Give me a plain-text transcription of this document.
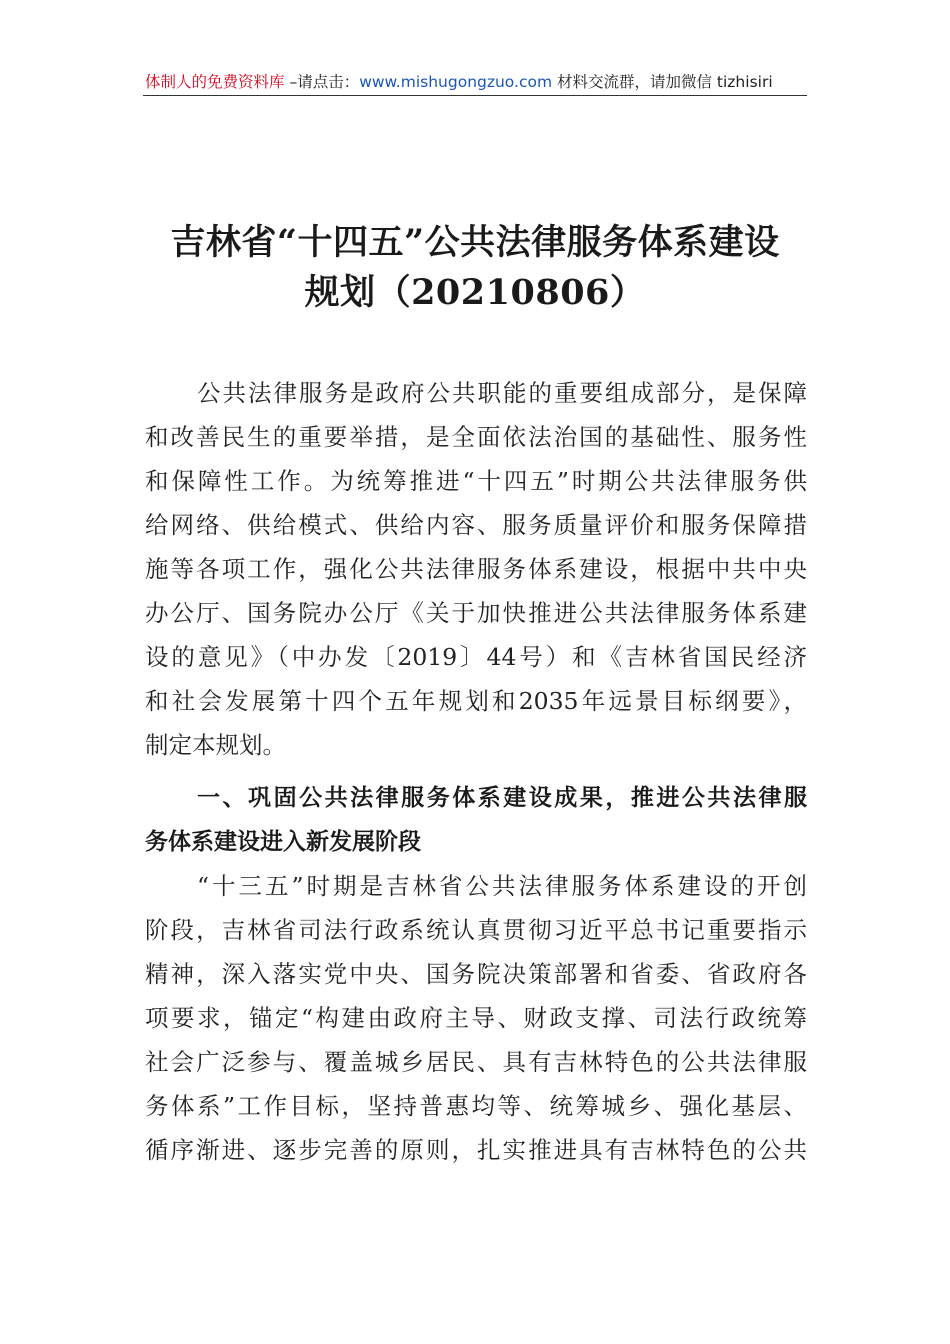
体制人的免费资料库 –请点击：www.mishugongzuo.com 材料交流群，请加微信 tizhisiri
吉林省“十四五”公共法律服务体系建设
规划（20210806）
公共法律服务是政府公共职能的重要组成部分，是保障
和改善民生的重要举措，是全面依法治国的基础性、服务性
和保障性工作。为统筹推进“十四五”时期公共法律服务供
给网络、供给模式、供给内容、服务质量评价和服务保障措
施等各项工作，强化公共法律服务体系建设，根据中共中央
办公厅、国务院办公厅《关于加快推进公共法律服务体系建
设的意见》（中办发〔2019〕44号）和《吉林省国民经济
和社会发展第十四个五年规划和2035年远景目标纲要》，
制定本规划。
一、巩固公共法律服务体系建设成果，推进公共法律服
务体系建设进入新发展阶段
“十三五”时期是吉林省公共法律服务体系建设的开创
阶段，吉林省司法行政系统认真贯彻习近平总书记重要指示
精神，深入落实党中央、国务院决策部署和省委、省政府各
项要求，锚定“构建由政府主导、财政支撑、司法行政统筹
社会广泛参与、覆盖城乡居民、具有吉林特色的公共法律服
务体系”工作目标，坚持普惠均等、统筹城乡、强化基层、
循序渐进、逐步完善的原则，扎实推进具有吉林特色的公共
